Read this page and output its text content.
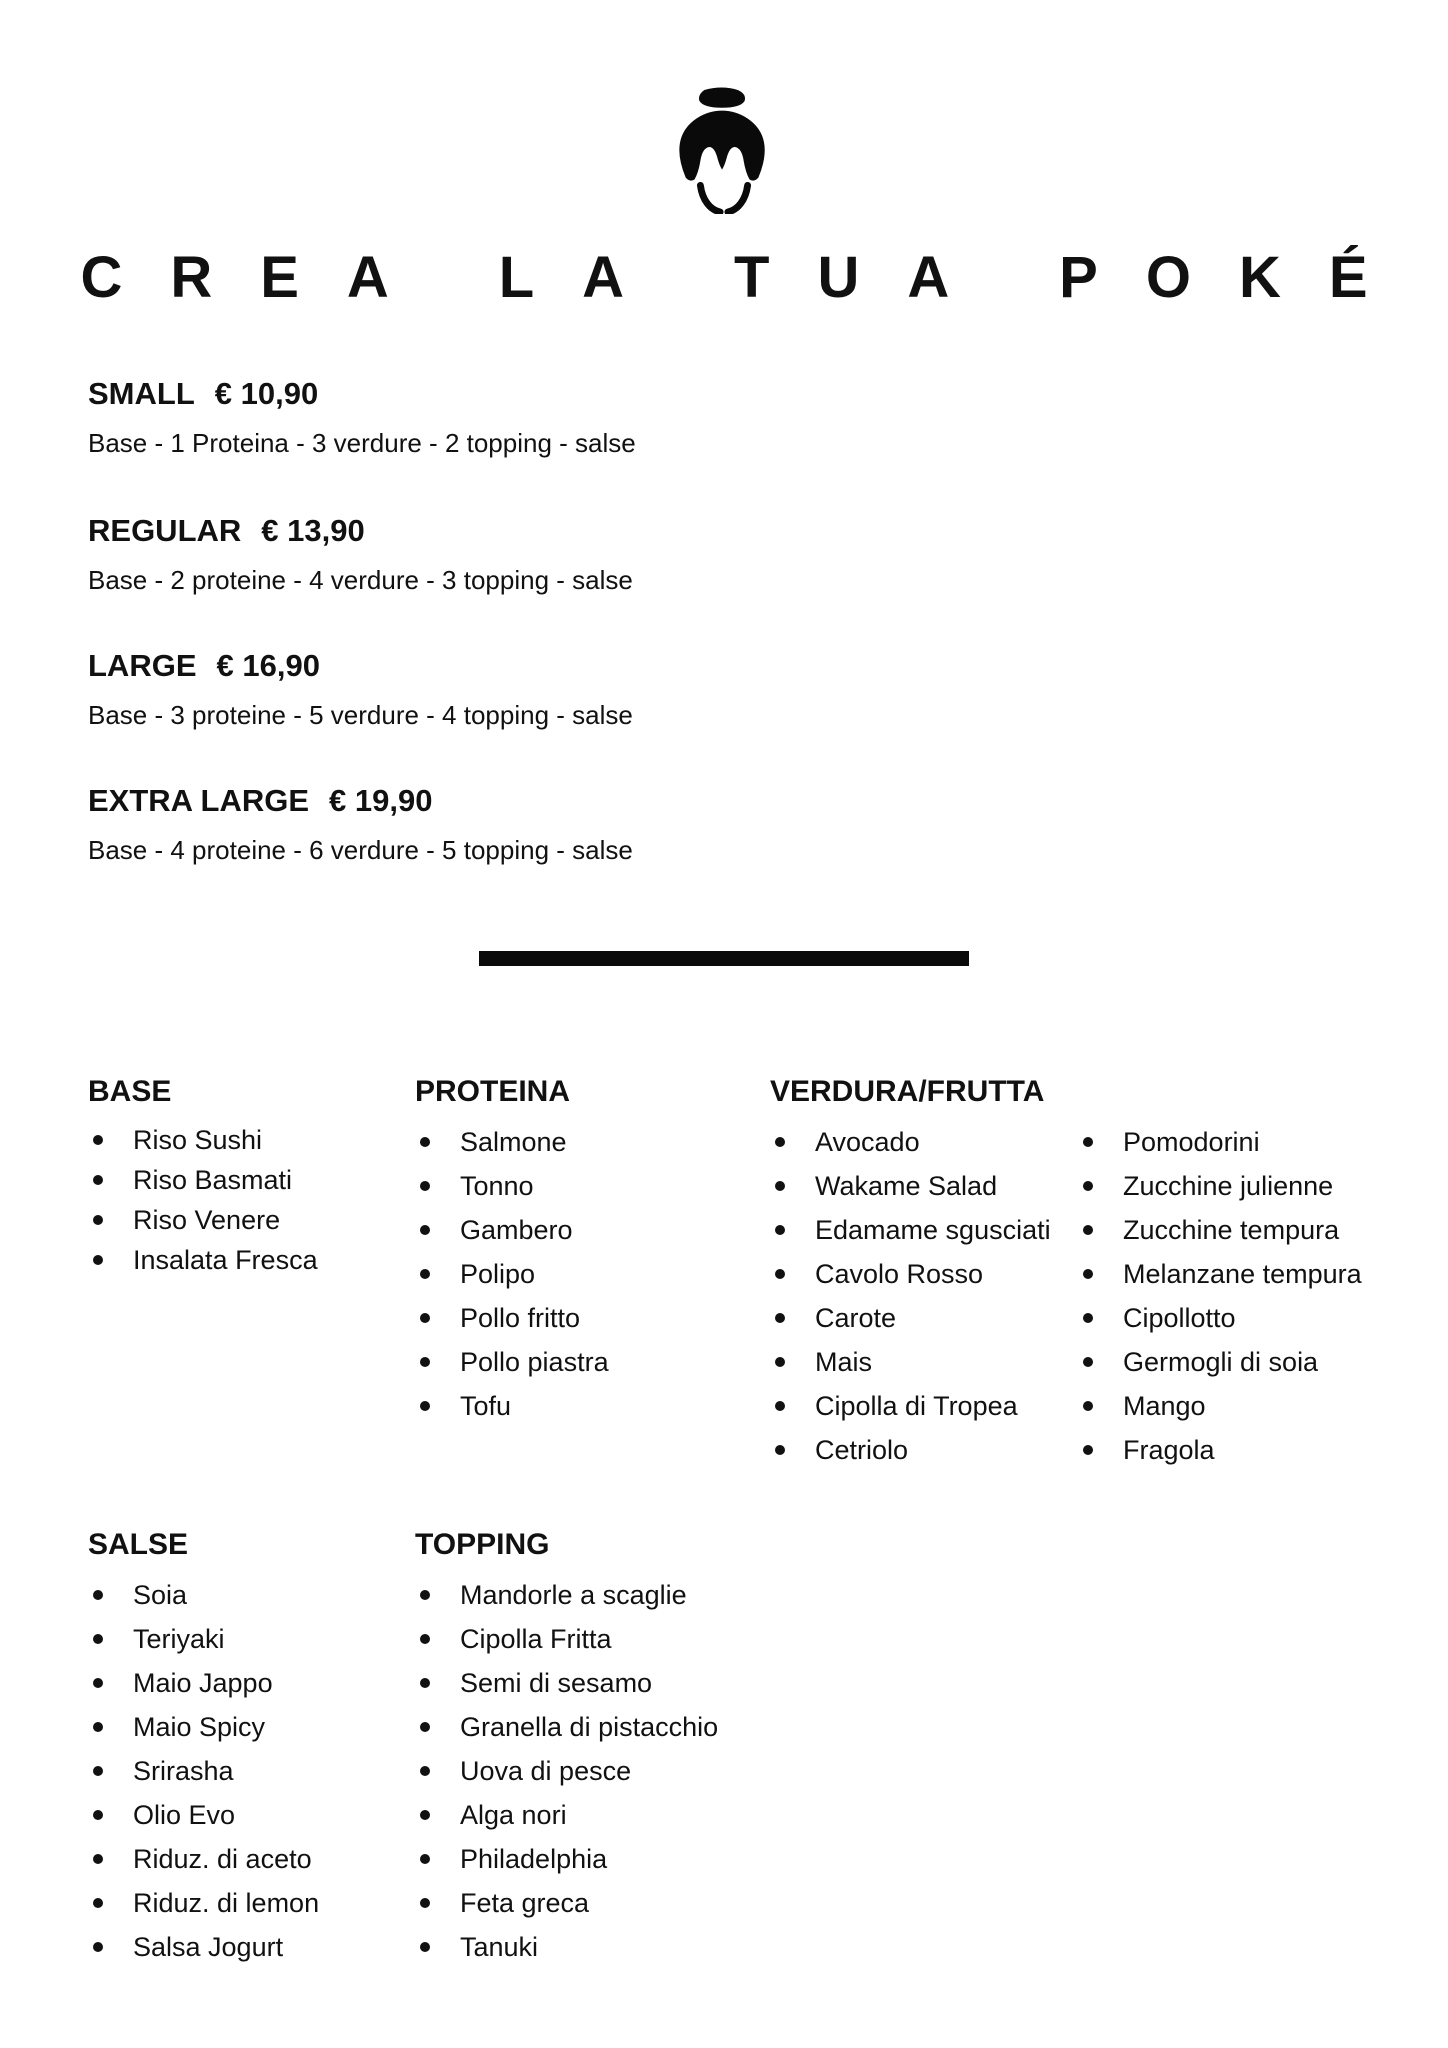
CREA LA TUA POKÉ
SMALL € 10,90

Base - 1 Proteina - 3 verdure - 2 topping - salse

REGULAR € 13,90

Base - 2 proteine - 4 verdure - 3 topping - salse

LARGE € 16,90

Base - 3 proteine - 5 verdure - 4 topping - salse

EXTRA LARGE € 19,90

Base - 4 proteine - 6 verdure - 5 topping - salse

BASE
Riso Sushi
Riso Basmati
Riso Venere
Insalata Fresca
PROTEINA
Salmone
Tonno
Gambero
Polipo
Pollo fritto
Pollo piastra
Tofu
VERDURA/FRUTTA
Avocado
Wakame Salad
Edamame sgusciati
Cavolo Rosso
Carote
Mais
Cipolla di Tropea
Cetriolo
Pomodorini
Zucchine julienne
Zucchine tempura
Melanzane tempura
Cipollotto
Germogli di soia
Mango
Fragola
SALSE
Soia
Teriyaki
Maio Jappo
Maio Spicy
Srirasha
Olio Evo
Riduz. di aceto
Riduz. di lemon
Salsa Jogurt
TOPPING
Mandorle a scaglie
Cipolla Fritta
Semi di sesamo
Granella di pistacchio
Uova di pesce
Alga nori
Philadelphia
Feta greca
Tanuki
